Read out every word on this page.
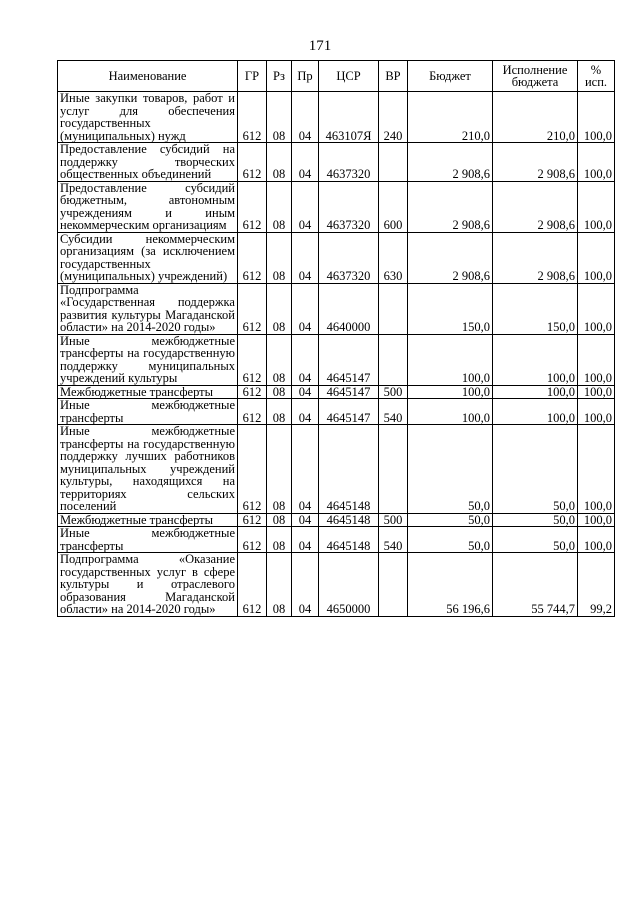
171
Наименование	ГР	Рз	Пр	ЦСР	ВР	Бюджет	Исполнение бюджета	% исп.
Иные закупки товаров, работ и услуг для обеспечения государственных (муниципальных) нужд	612	08	04	463107Я	240	210,0	210,0	100,0
Предоставление субсидий на поддержку творческих общественных объединений	612	08	04	4637320		2 908,6	2 908,6	100,0
Предоставление субсидий бюджетным, автономным учреждениям и иным некоммерческим организациям	612	08	04	4637320	600	2 908,6	2 908,6	100,0
Субсидии некоммерческим организациям (за исключением государственных (муниципальных) учреждений)	612	08	04	4637320	630	2 908,6	2 908,6	100,0
Подпрограмма «Государственная поддержка развития культуры Магаданской области» на 2014-2020 годы»	612	08	04	4640000		150,0	150,0	100,0
Иные межбюджетные трансферты на государственную поддержку муниципальных учреждений культуры	612	08	04	4645147		100,0	100,0	100,0
Межбюджетные трансферты	612	08	04	4645147	500	100,0	100,0	100,0
Иные межбюджетные трансферты	612	08	04	4645147	540	100,0	100,0	100,0
Иные межбюджетные трансферты на государственную поддержку лучших работников муниципальных учреждений культуры, находящихся на территориях сельских поселений	612	08	04	4645148		50,0	50,0	100,0
Межбюджетные трансферты	612	08	04	4645148	500	50,0	50,0	100,0
Иные межбюджетные трансферты	612	08	04	4645148	540	50,0	50,0	100,0
Подпрограмма «Оказание государственных услуг в сфере культуры и отраслевого образования Магаданской области» на 2014-2020 годы»	612	08	04	4650000		56 196,6	55 744,7	99,2
